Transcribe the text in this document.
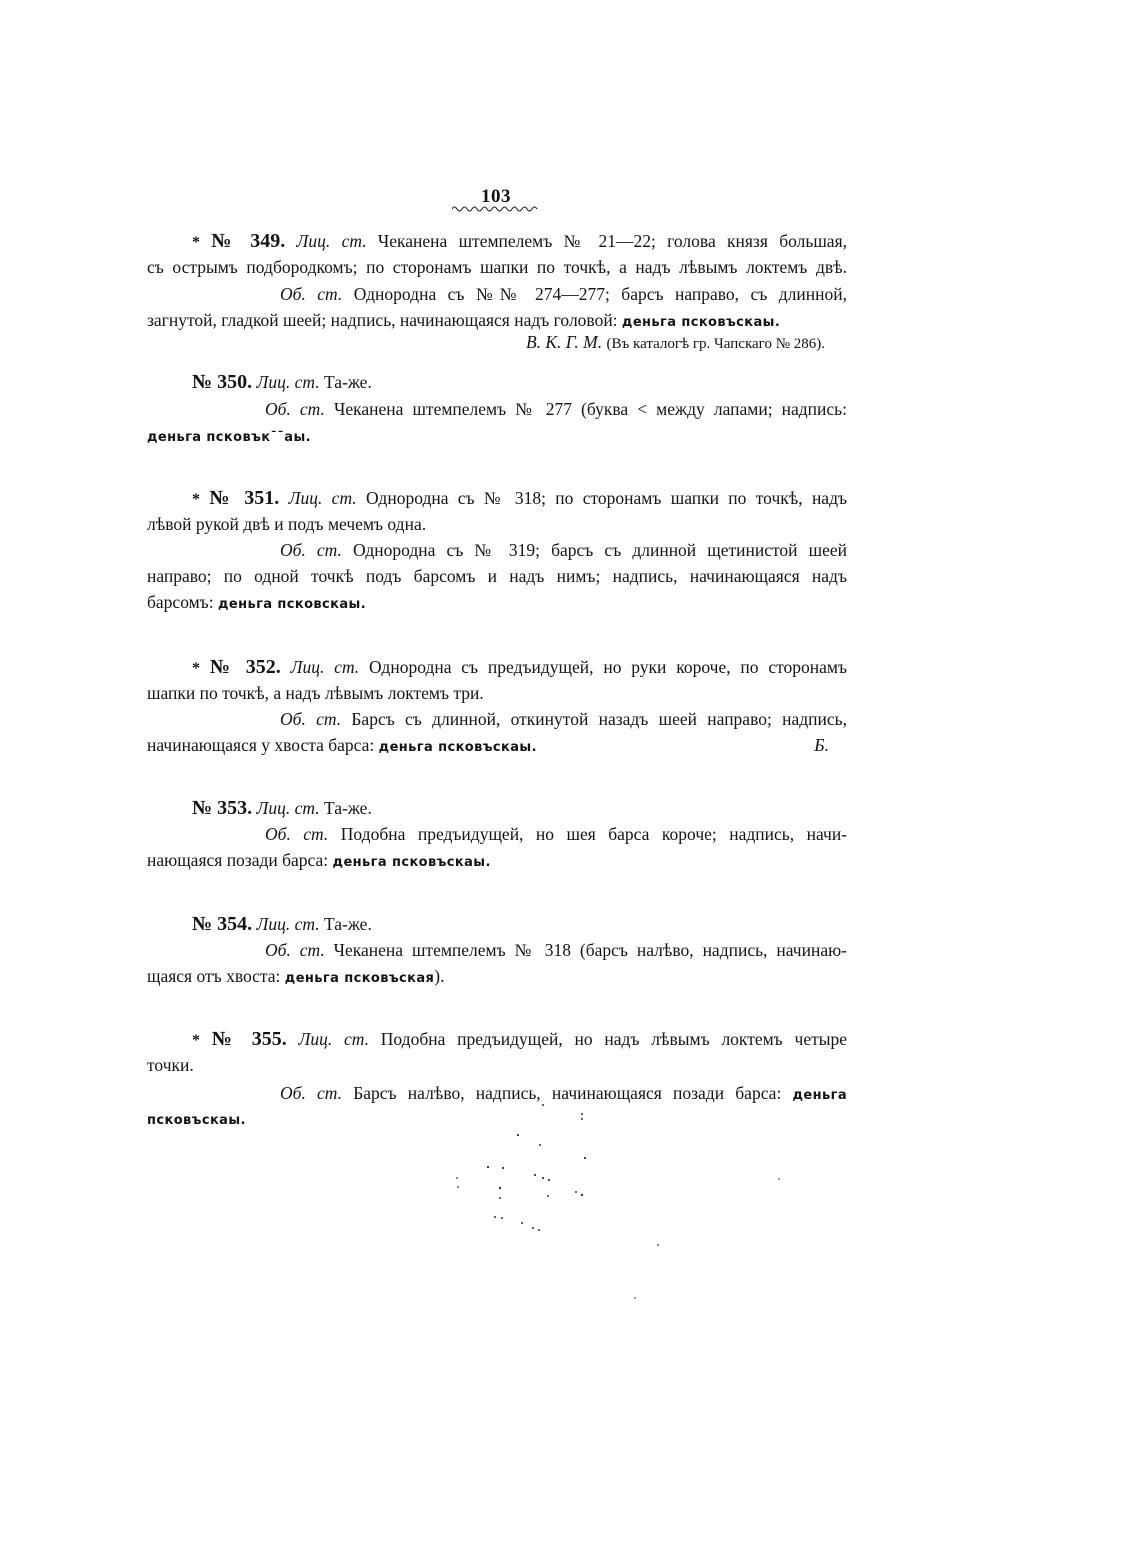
103
* № 349. Лиц. ст. Чеканена штемпелемъ № 21—22; голова князя большая,
съ острымъ подбородкомъ; по сторонамъ шапки по точкѣ, а надъ лѣвымъ локтемъ двѣ.
Об. ст. Однородна съ №№ 274—277; барсъ направо, съ длинной,
загнутой, гладкой шеей; надпись, начинающаяся надъ головой: деньга псковъскаы.
В. К. Г. М. (Въ каталогѣ гр. Чапскаго № 286).
№ 350. Лиц. ст. Та-же.
Об. ст. Чеканена штемпелемъ № 277 (буква < между лапами; надпись:
деньга псковъкˉˉаы.
* № 351. Лиц. ст. Однородна съ № 318; по сторонамъ шапки по точкѣ, надъ
лѣвой рукой двѣ и подъ мечемъ одна.
Об. ст. Однородна съ № 319; барсъ съ длинной щетинистой шеей
направо; по одной точкѣ подъ барсомъ и надъ нимъ; надпись, начинающаяся надъ
барсомъ: деньга псковскаы.
* № 352. Лиц. ст. Однородна съ предъидущей, но руки короче, по сторонамъ
шапки по точкѣ, а надъ лѣвымъ локтемъ три.
Об. ст. Барсъ съ длинной, откинутой назадъ шеей направо; надпись,
начинающаяся у хвоста барса: деньга псковъскаы.	Б.
№ 353. Лиц. ст. Та-же.
Об. ст. Подобна предъидущей, но шея барса короче; надпись, начи-
нающаяся позади барса: деньга псковъскаы.
№ 354. Лиц. ст. Та-же.
Об. ст. Чеканена штемпелемъ № 318 (барсъ налѣво, надпись, начинаю-
щаяся отъ хвоста: деньга псковъская).
* № 355. Лиц. ст. Подобна предъидущей, но надъ лѣвымъ локтемъ четыре
точки.
Об. ст. Барсъ налѣво, надпись, начинающаяся позади барса: деньга
псковъскаы.
